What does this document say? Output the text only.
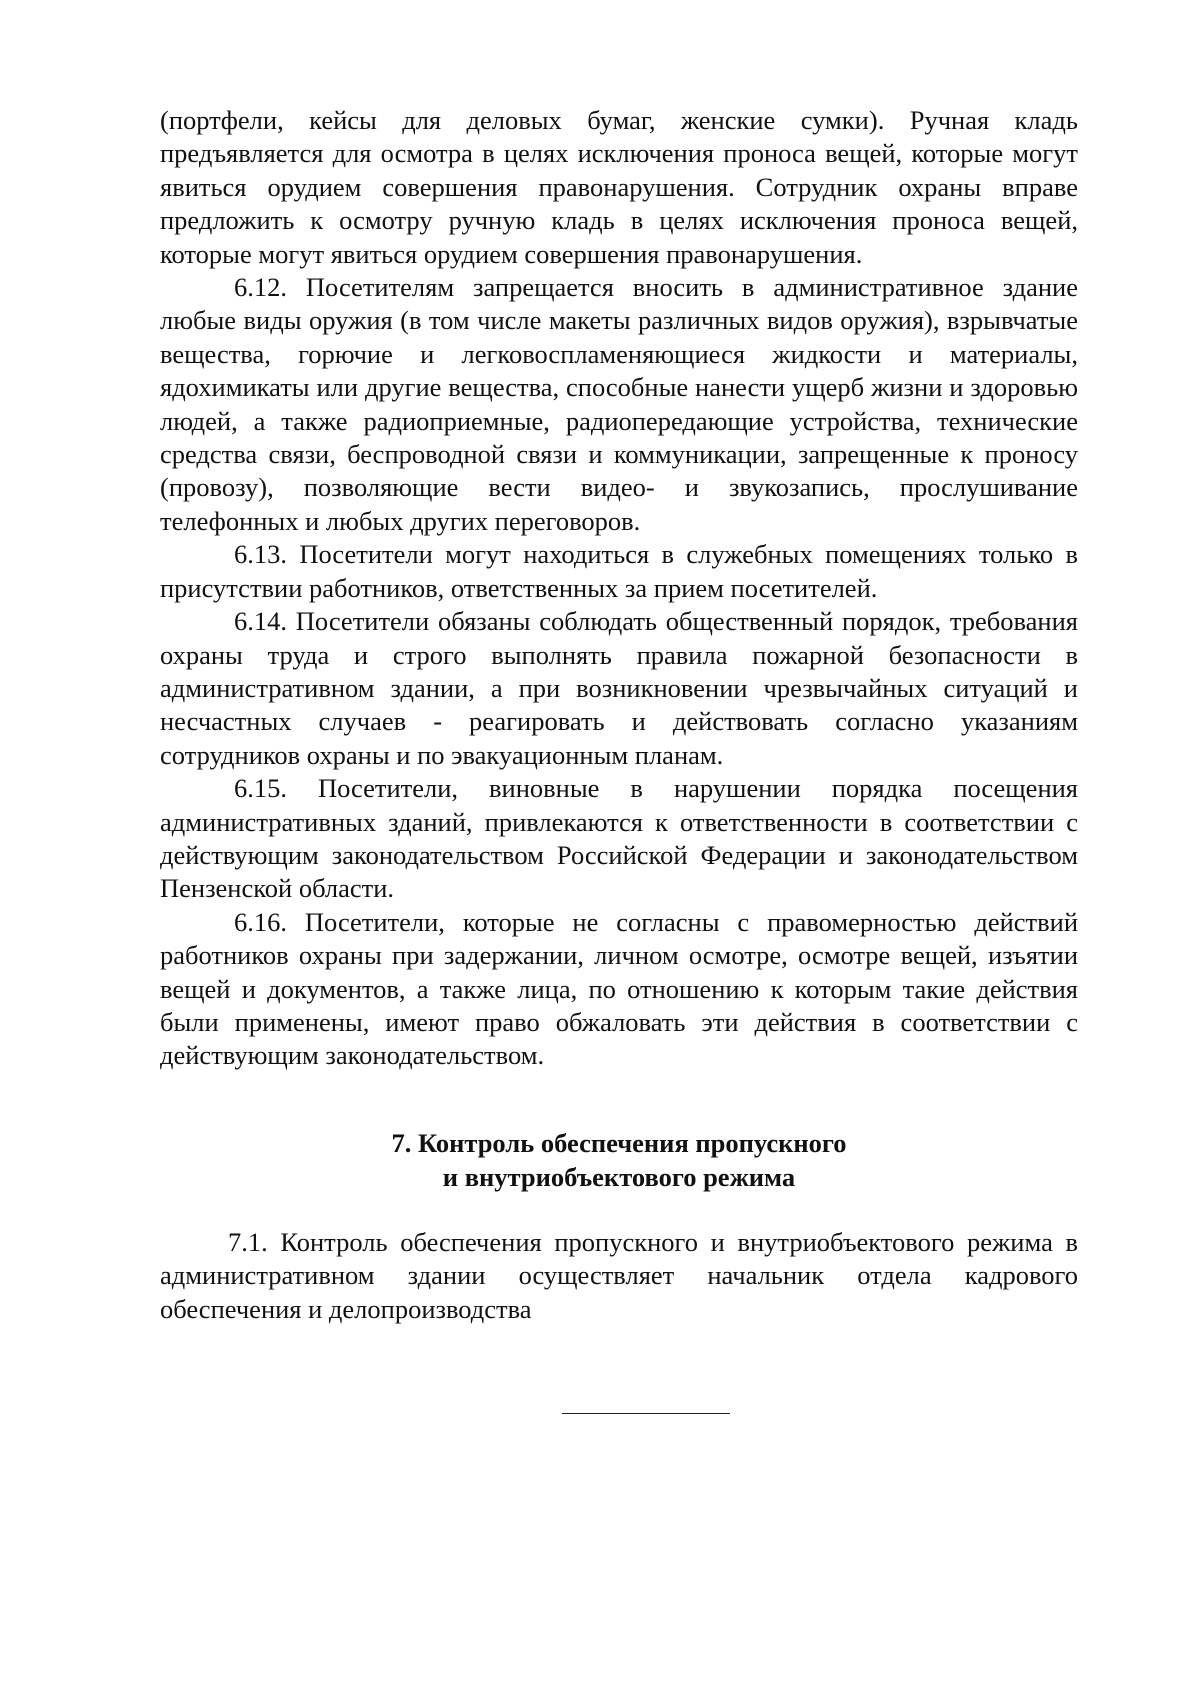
(портфели, кейсы для деловых бумаг, женские сумки). Ручная кладь предъявляется для осмотра в целях исключения проноса вещей, которые могут явиться орудием совершения правонарушения. Сотрудник охраны вправе предложить к осмотру ручную кладь в целях исключения проноса вещей, которые могут явиться орудием совершения правонарушения.

6.12. Посетителям запрещается вносить в административное здание любые виды оружия (в том числе макеты различных видов оружия), взрывчатые вещества, горючие и легковоспламеняющиеся жидкости и материалы, ядохимикаты или другие вещества, способные нанести ущерб жизни и здоровью людей, а также радиоприемные, радиопередающие устройства, технические средства связи, беспроводной связи и коммуникации, запрещенные к проносу (провозу), позволяющие вести видео- и звукозапись, прослушивание телефонных и любых других переговоров.

6.13. Посетители могут находиться в служебных помещениях только в присутствии работников, ответственных за прием посетителей.

6.14. Посетители обязаны соблюдать общественный порядок, требования охраны труда и строго выполнять правила пожарной безопасности в административном здании, а при возникновении чрезвычайных ситуаций и несчастных случаев - реагировать и действовать согласно указаниям сотрудников охраны и по эвакуационным планам.

6.15. Посетители, виновные в нарушении порядка посещения административных зданий, привлекаются к ответственности в соответствии с действующим законодательством Российской Федерации и законодательством Пензенской области.

6.16. Посетители, которые не согласны с правомерностью действий работников охраны при задержании, личном осмотре, осмотре вещей, изъятии вещей и документов, а также лица, по отношению к которым такие действия были применены, имеют право обжаловать эти действия в соответствии с действующим законодательством.

7. Контроль обеспечения пропускного
и внутриобъектового режима

7.1. Контроль обеспечения пропускного и внутриобъектового режима в административном здании осуществляет начальник отдела кадрового обеспечения и делопроизводства
